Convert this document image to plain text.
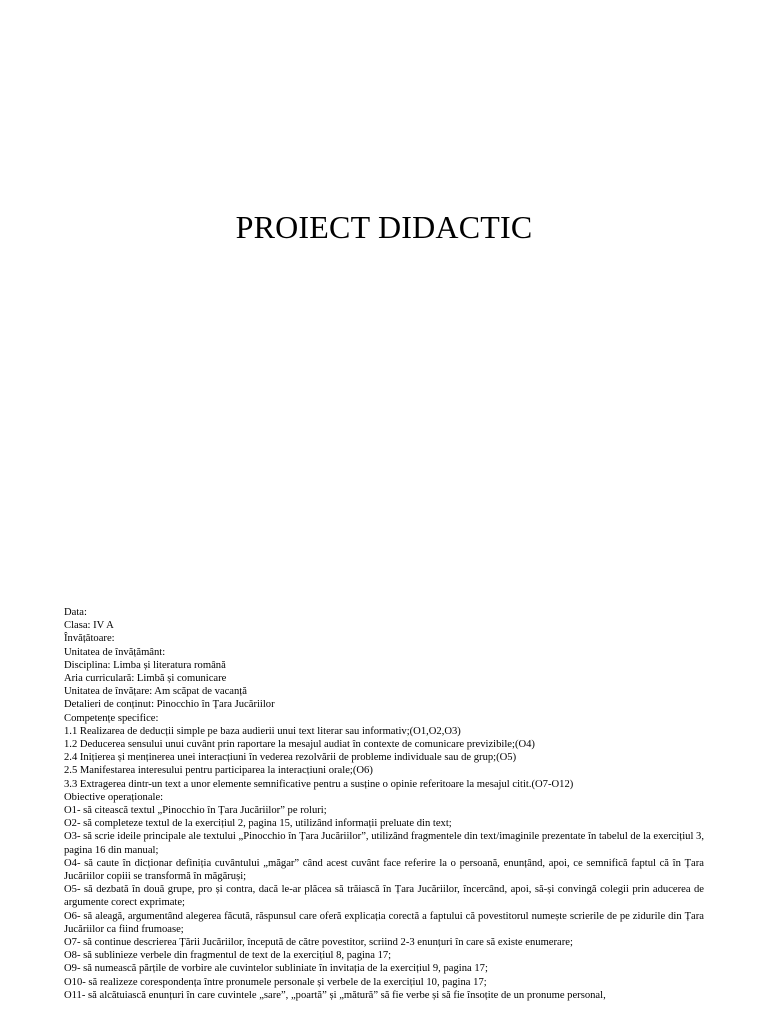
PROIECT DIDACTIC
Data:
Clasa: IV A
Învățătoare:
Unitatea de învățământ:
Disciplina: Limba și literatura română
Aria curriculară: Limbă și comunicare
Unitatea de învățare: Am scăpat de vacanță
Detalieri de conținut: Pinocchio în Țara Jucăriilor
Competențe specifice:
1.1 Realizarea de deducții simple pe baza audierii unui text literar sau informativ;(O1,O2,O3)
1.2 Deducerea sensului unui cuvânt prin raportare la mesajul audiat în contexte de comunicare previzibile;(O4)
2.4 Inițierea și menținerea unei interacțiuni în vederea rezolvării de probleme individuale sau de grup;(O5)
2.5 Manifestarea interesului pentru participarea la interacțiuni orale;(O6)
3.3 Extragerea dintr-un text a unor elemente semnificative pentru a susține o opinie referitoare la mesajul citit.(O7-O12)
Obiective operaționale:
O1- să citească textul „Pinocchio în Țara Jucăriilor” pe roluri;
O2- să completeze textul de la exercițiul 2, pagina 15, utilizând informații preluate din text;
O3- să scrie ideile principale ale textului „Pinocchio în Țara Jucăriilor”, utilizând fragmentele din text/imaginile prezentate în tabelul de la exercițiul 3, pagina 16 din manual;
O4- să caute în dicționar definiția cuvântului „măgar” când acest cuvânt face referire la o persoană, enunțând, apoi, ce semnifică faptul că în Țara Jucăriilor copiii se transformă în măgăruși;
O5- să dezbată în două grupe, pro și contra, dacă le-ar plăcea să trăiască în Țara Jucăriilor, încercând, apoi, să-și convingă colegii prin aducerea de argumente corect exprimate;
O6- să aleagă, argumentând alegerea făcută, răspunsul care oferă explicația corectă a faptului că povestitorul numește scrierile de pe zidurile din Țara Jucăriilor ca fiind frumoase;
O7- să continue descrierea Țării Jucăriilor, începută de către povestitor, scriind 2-3 enunțuri în care să existe enumerare;
O8- să sublinieze verbele din fragmentul de text de la exercițiul 8, pagina 17;
O9- să numească părțile de vorbire ale cuvintelor subliniate în invitația de la exercițiul 9, pagina 17;
O10- să realizeze corespondența între pronumele personale și verbele de la exercițiul 10, pagina 17;
O11- să alcătuiască enunțuri în care cuvintele „sare”, „poartă” și „mătură” să fie verbe și să fie însoțite de un pronume personal,
